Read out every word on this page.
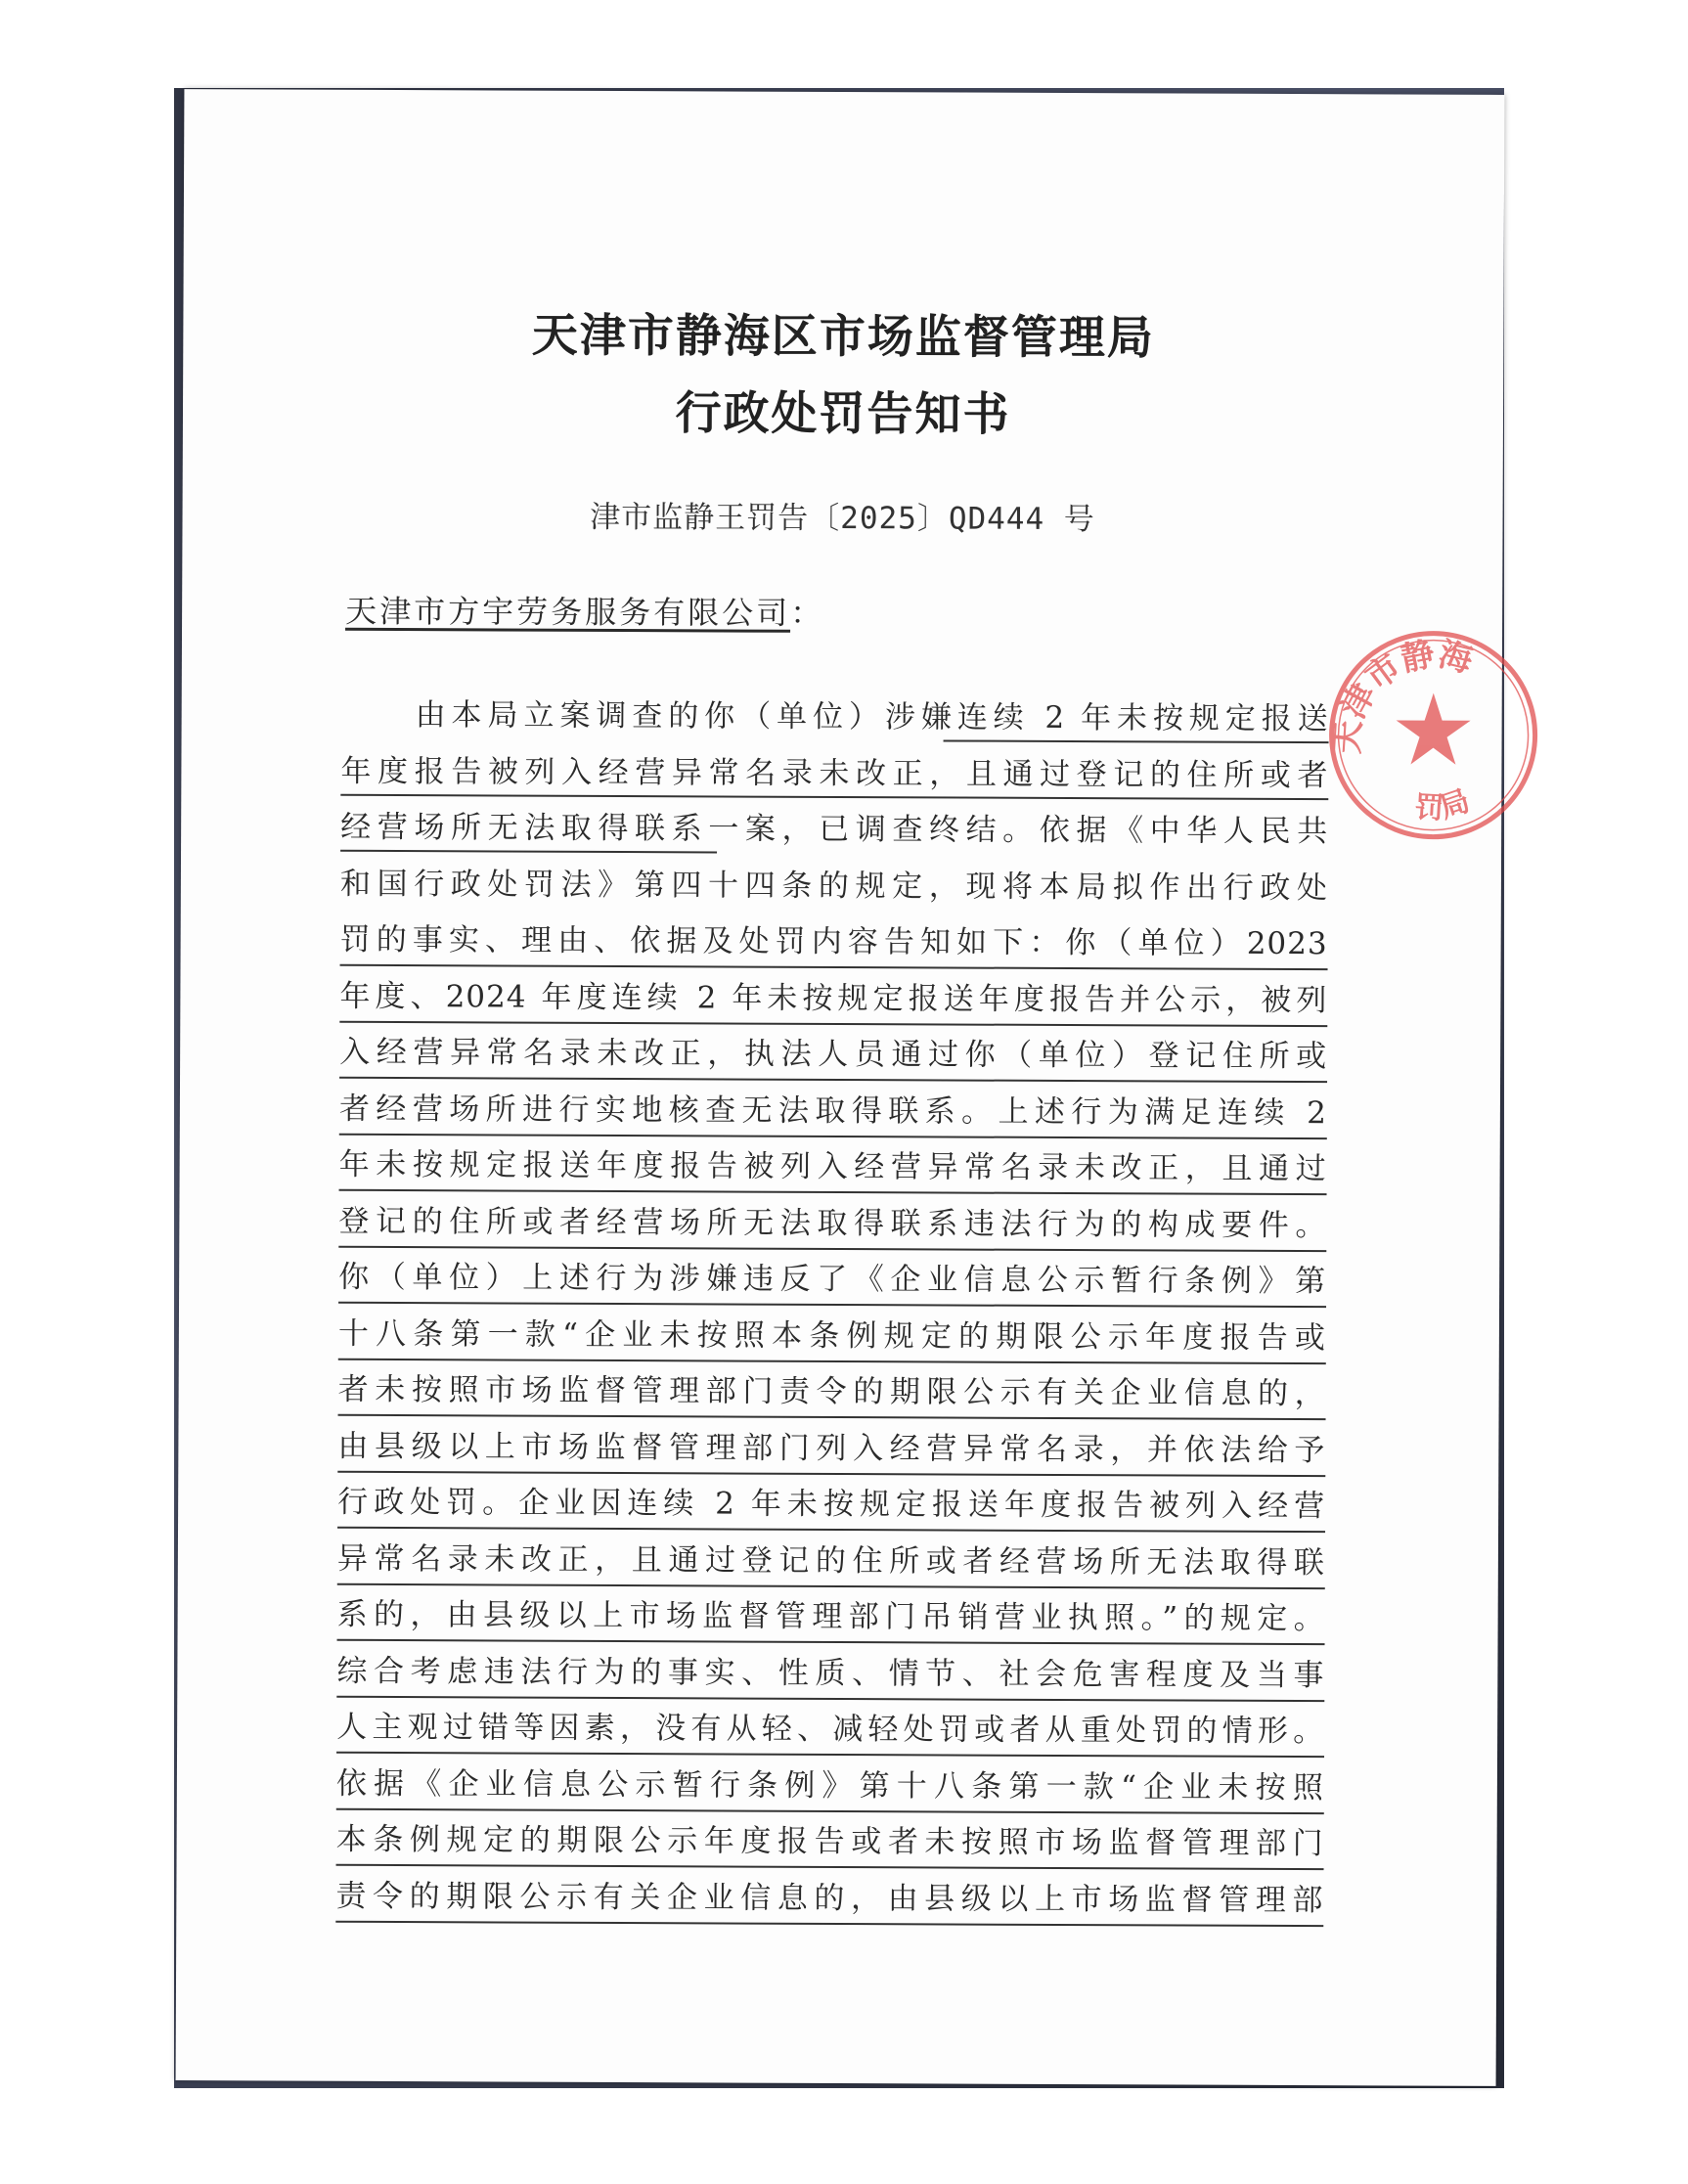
天津市静海区市场监督管理局
行政处罚告知书
津市监静王罚告〔2025〕QD444 号
天津市方宇劳务服务有限公司：
由本局立案调查的你（单位）涉嫌连续 2 年未按规定报送
年度报告被列入经营异常名录未改正，且通过登记的住所或者
经营场所无法取得联系一案，已调查终结。依据《中华人民共
和国行政处罚法》第四十四条的规定，现将本局拟作出行政处
罚的事实、理由、依据及处罚内容告知如下：你（单位）2023
年度、2024 年度连续 2 年未按规定报送年度报告并公示，被列
入经营异常名录未改正，执法人员通过你（单位）登记住所或
者经营场所进行实地核查无法取得联系。上述行为满足连续 2
年未按规定报送年度报告被列入经营异常名录未改正，且通过
登记的住所或者经营场所无法取得联系违法行为的构成要件。
你（单位）上述行为涉嫌违反了《企业信息公示暂行条例》第
十八条第一款“企业未按照本条例规定的期限公示年度报告或
者未按照市场监督管理部门责令的期限公示有关企业信息的，
由县级以上市场监督管理部门列入经营异常名录，并依法给予
行政处罚。企业因连续 2 年未按规定报送年度报告被列入经营
异常名录未改正，且通过登记的住所或者经营场所无法取得联
系的，由县级以上市场监督管理部门吊销营业执照。”的规定。
综合考虑违法行为的事实、性质、情节、社会危害程度及当事
人主观过错等因素，没有从轻、减轻处罚或者从重处罚的情形。
依据《企业信息公示暂行条例》第十八条第一款“企业未按照
本条例规定的期限公示年度报告或者未按照市场监督管理部门
责令的期限公示有关企业信息的，由县级以上市场监督管理部
天津市静海
罚局
